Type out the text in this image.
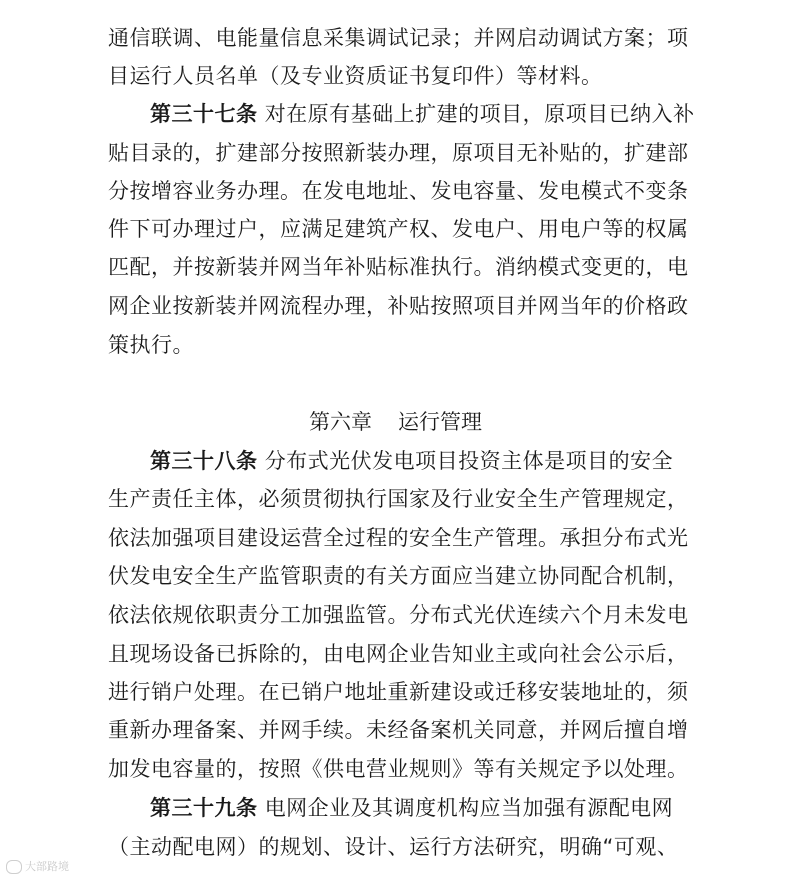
通信联调、电能量信息采集调试记录；并网启动调试方案；项
目运行人员名单（及专业资质证书复印件）等材料。
第三十七条 对在原有基础上扩建的项目，原项目已纳入补
贴目录的，扩建部分按照新装办理，原项目无补贴的，扩建部
分按增容业务办理。在发电地址、发电容量、发电模式不变条
件下可办理过户，应满足建筑产权、发电户、用电户等的权属
匹配，并按新装并网当年补贴标准执行。消纳模式变更的，电
网企业按新装并网流程办理，补贴按照项目并网当年的价格政
策执行。
第六章 运行管理
第三十八条 分布式光伏发电项目投资主体是项目的安全
生产责任主体，必须贯彻执行国家及行业安全生产管理规定，
依法加强项目建设运营全过程的安全生产管理。承担分布式光
伏发电安全生产监管职责的有关方面应当建立协同配合机制，
依法依规依职责分工加强监管。分布式光伏连续六个月未发电
且现场设备已拆除的，由电网企业告知业主或向社会公示后，
进行销户处理。在已销户地址重新建设或迁移安装地址的，须
重新办理备案、并网手续。未经备案机关同意，并网后擅自增
加发电容量的，按照《供电营业规则》等有关规定予以处理。
第三十九条 电网企业及其调度机构应当加强有源配电网
（主动配电网）的规划、设计、运行方法研究，明确“可观、
大部路境
